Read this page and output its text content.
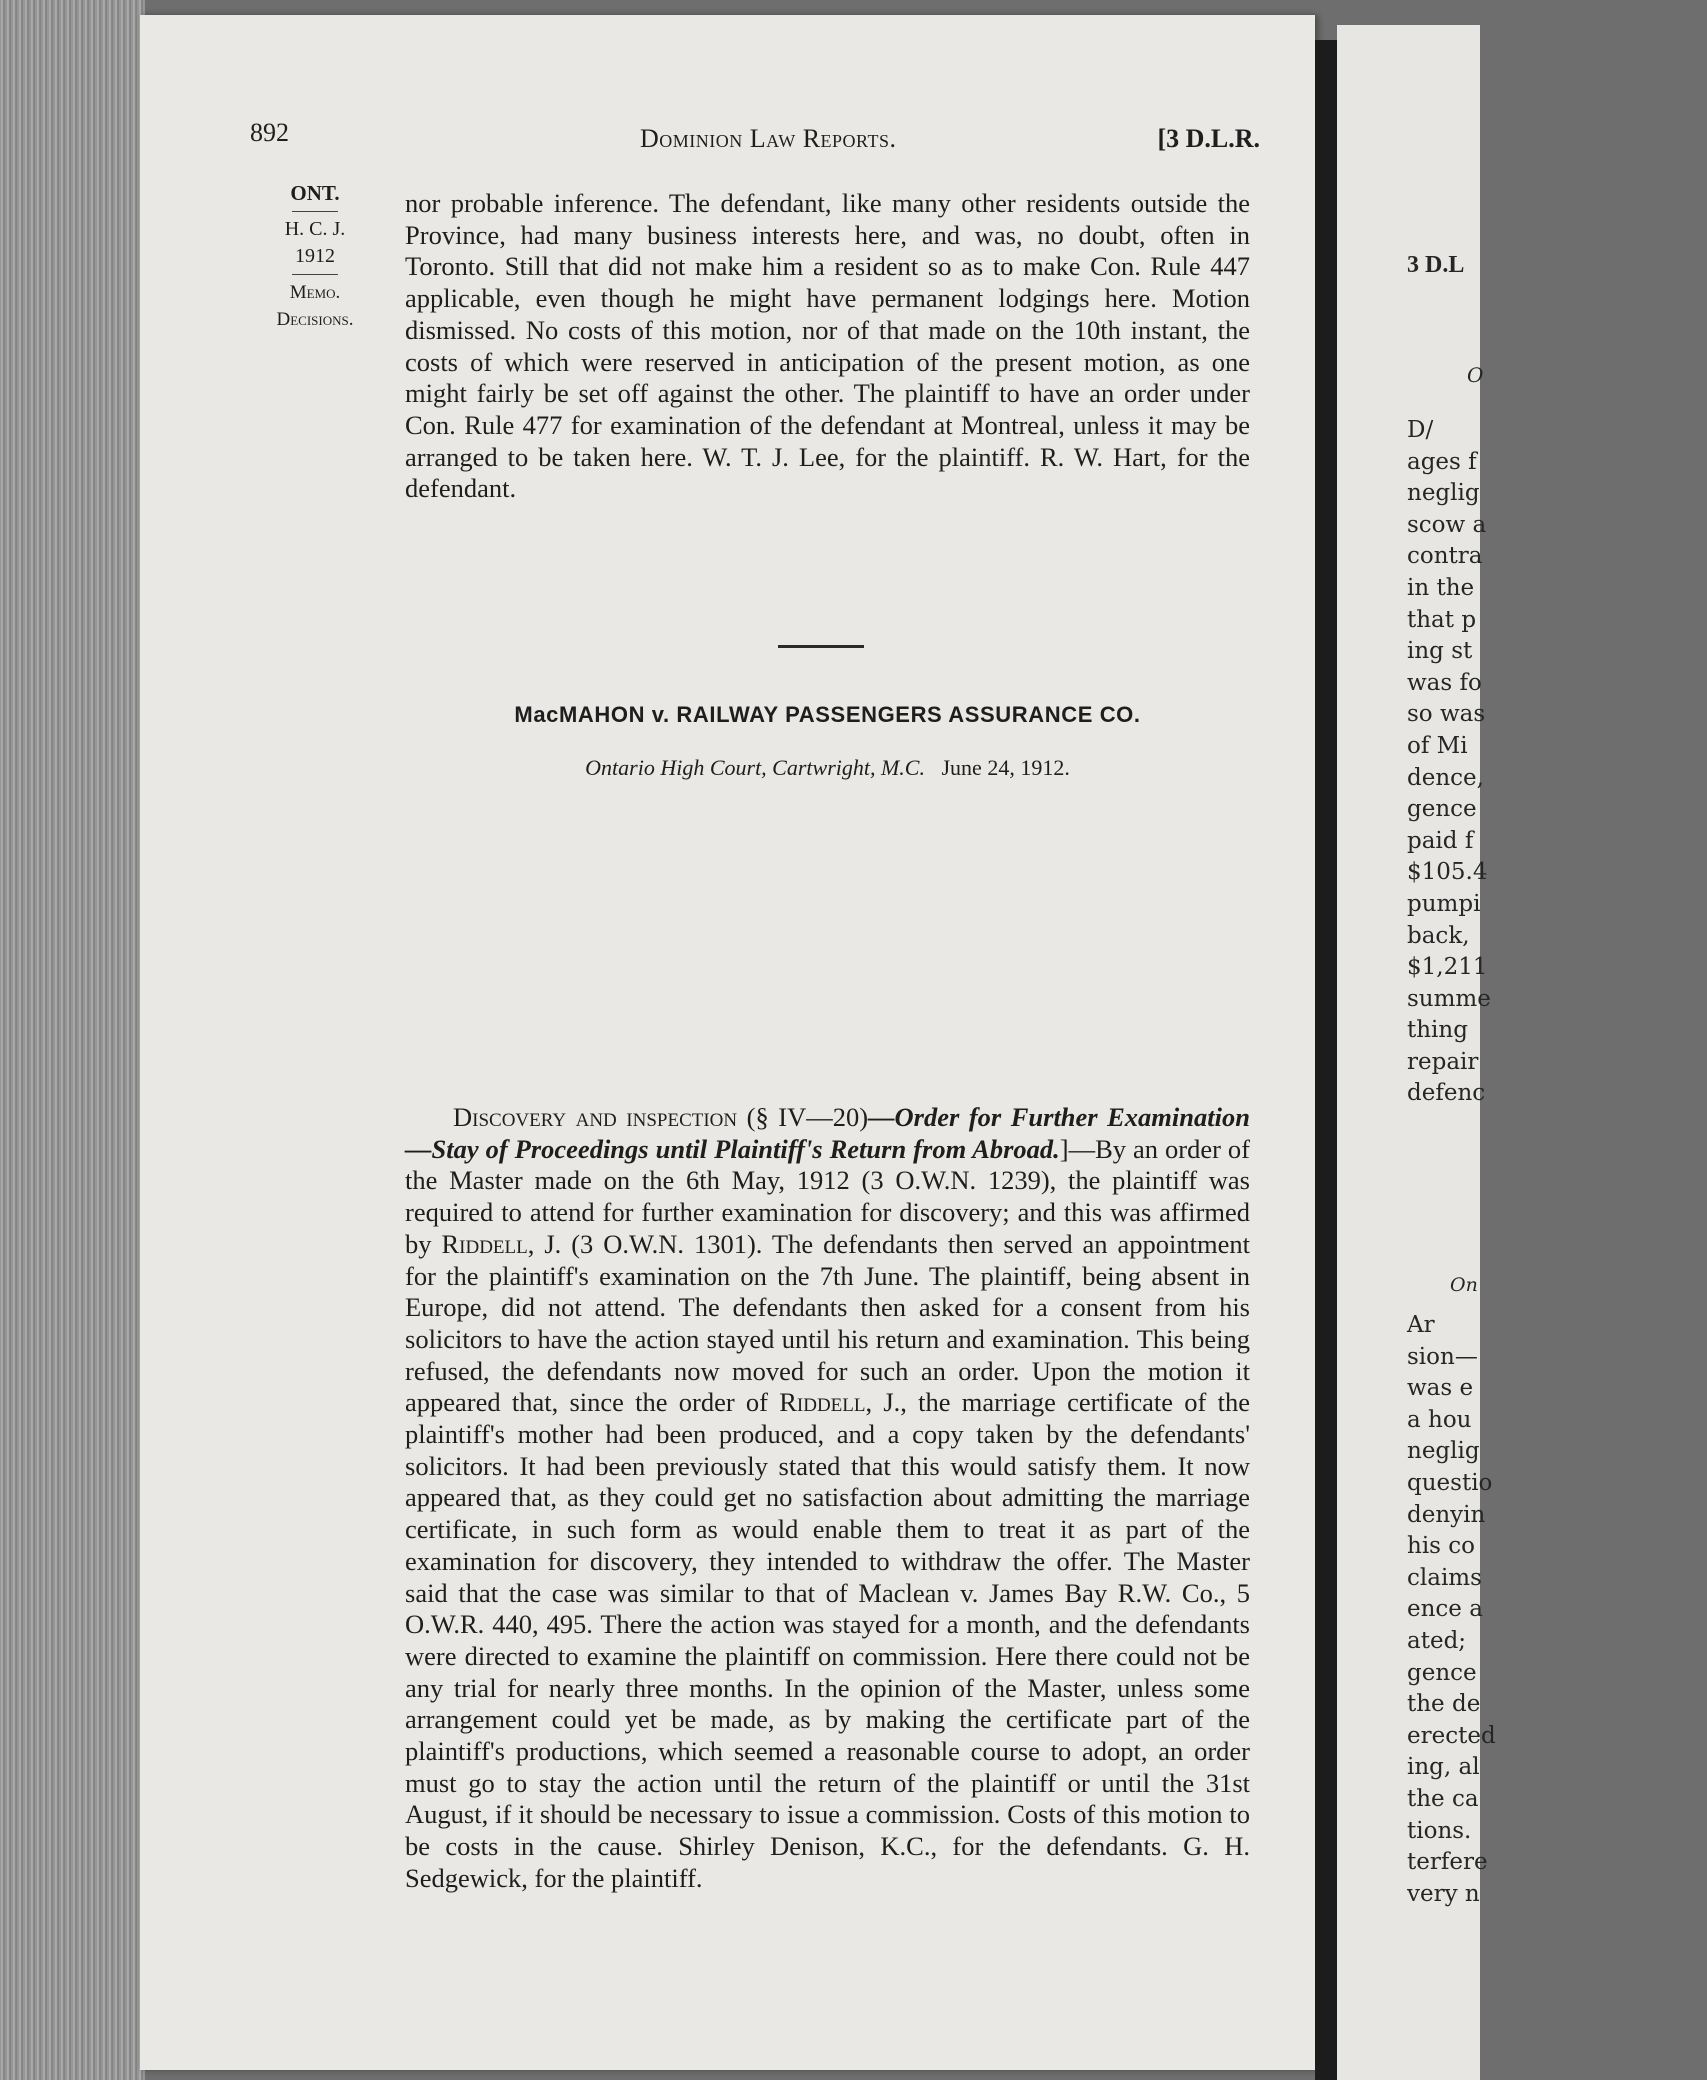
892	Dominion Law Reports.	[3 D.L.R.
ONT.
H. C. J.
1912
Memo. Decisions.

nor probable inference. The defendant, like many other residents outside the Province, had many business interests here, and was, no doubt, often in Toronto. Still that did not make him a resident so as to make Con. Rule 447 applicable, even though he might have permanent lodgings here. Motion dismissed. No costs of this motion, nor of that made on the 10th instant, the costs of which were reserved in anticipation of the present motion, as one might fairly be set off against the other. The plaintiff to have an order under Con. Rule 477 for examination of the defendant at Montreal, unless it may be arranged to be taken here. W. T. J. Lee, for the plaintiff. R. W. Hart, for the defendant.

MacMAHON v. RAILWAY PASSENGERS ASSURANCE CO.
Ontario High Court, Cartwright, M.C. June 24, 1912.

Discovery and inspection (§ IV—20)—Order for Further Examination—Stay of Proceedings until Plaintiff's Return from Abroad.]—By an order of the Master made on the 6th May, 1912 (3 O.W.N. 1239), the plaintiff was required to attend for further examination for discovery; and this was affirmed by Riddell, J. (3 O.W.N. 1301). The defendants then served an appointment for the plaintiff's examination on the 7th June. The plaintiff, being absent in Europe, did not attend. The defendants then asked for a consent from his solicitors to have the action stayed until his return and examination. This being refused, the defendants now moved for such an order. Upon the motion it appeared that, since the order of Riddell, J., the marriage certificate of the plaintiff's mother had been produced, and a copy taken by the defendants' solicitors. It had been previously stated that this would satisfy them. It now appeared that, as they could get no satisfaction about admitting the marriage certificate, in such form as would enable them to treat it as part of the examination for discovery, they intended to withdraw the offer. The Master said that the case was similar to that of Maclean v. James Bay R.W. Co., 5 O.W.R. 440, 495. There the action was stayed for a month, and the defendants were directed to examine the plaintiff on commission. Here there could not be any trial for nearly three months. In the opinion of the Master, unless some arrangement could yet be made, as by making the certificate part of the plaintiff's productions, which seemed a reasonable course to adopt, an order must go to stay the action until the return of the plaintiff or until the 31st August, if it should be necessary to issue a commission. Costs of this motion to be costs in the cause. Shirley Denison, K.C., for the defendants. G. H. Sedgewick, for the plaintiff.

3 D.L
O
D/
ages f
neglig
scow a
contra
in the
that p
ing st
was fo
so was
of Mi
dence,
gence
paid f
$105.4
pumpi
back,
$1,211
summe
thing
repair
defenc
On
Ar
sion—
was e
a hou
neglig
questio
denyin
his co
claims
ence a
ated;
gence
the de
erected
ing, al
the ca
tions.
terfere
very n
